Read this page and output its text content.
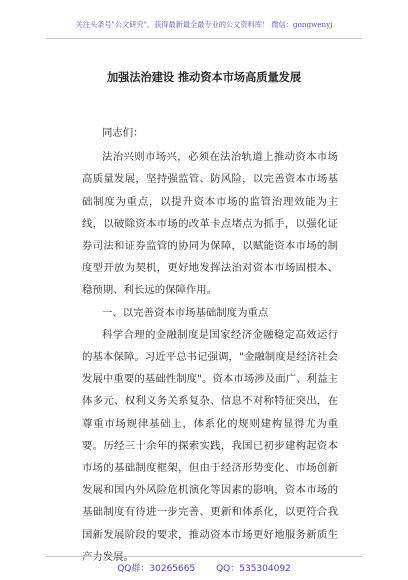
关注头条号"公文研究"，获得最新最全最专业的公文资料库！ 微信：gongwenyj
加强法治建设 推动资本市场高质量发展

同志们：

法治兴则市场兴，必须在法治轨道上推动资本市场高质量发展，坚持强监管、防风险，以完善资本市场基础制度为重点，以提升资本市场的监管治理效能为主线，以破除资本市场的改革卡点堵点为抓手，以强化证券司法和证券监管的协同为保障，以赋能资本市场的制度型开放为契机，更好地发挥法治对资本市场固根本、稳预期、利长远的保障作用。

一、以完善资本市场基础制度为重点

科学合理的金融制度是国家经济金融稳定高效运行的基本保障。习近平总书记强调，"金融制度是经济社会发展中重要的基础性制度"。资本市场涉及面广、利益主体多元、权利义务关系复杂、信息不对称特征突出，在尊重市场规律基础上，体系化的规则建构显得尤为重要。历经三十余年的探索实践，我国已初步建构起资本市场的基础制度框架，但由于经济形势变化、市场创新发展和国内外风险危机演化等因素的影响，资本市场的基础制度有待进一步完善、更新和体系化，以更符合我国新发展阶段的要求，推动资本市场更好地服务新质生产力发展。

QQ群：30265665 QQ：535304092
